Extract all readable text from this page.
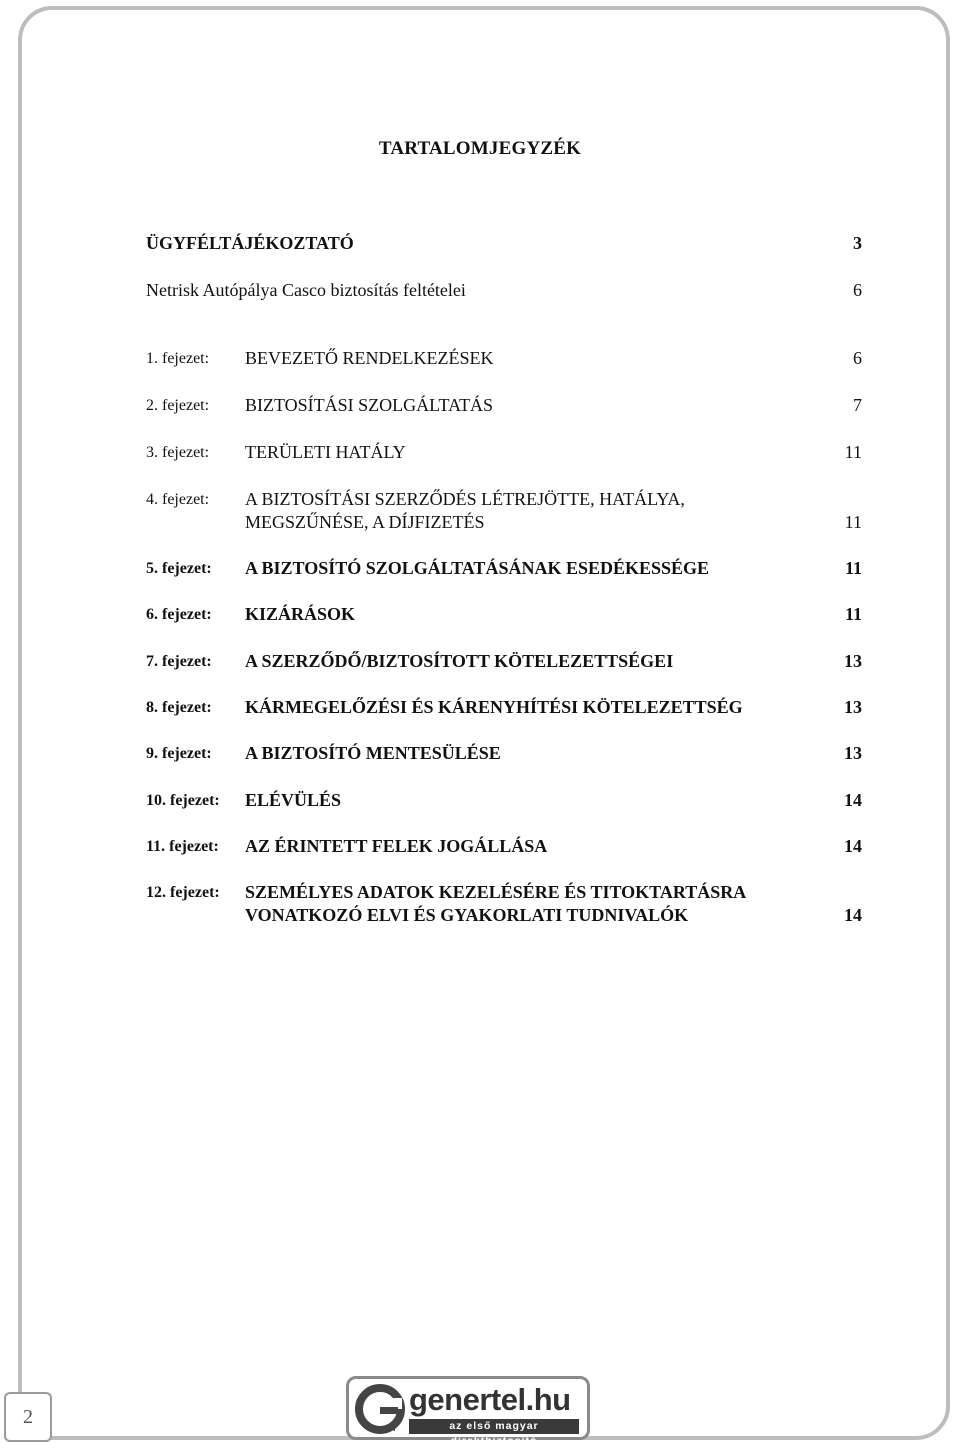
TARTALOMJEGYZÉK
ÜGYFÉLTÁJÉKOZTATÓ	3
Netrisk Autópálya Casco biztosítás feltételei	6
1. fejezet: BEVEZETŐ RENDELKEZÉSEK	6
2. fejezet: BIZTOSÍTÁSI SZOLGÁLTATÁS	7
3. fejezet: TERÜLETI HATÁLY	11
4. fejezet: A BIZTOSÍTÁSI SZERZŐDÉS LÉTREJÖTTE, HATÁLYA,
MEGSZŰNÉSE, A DÍJFIZETÉS	11
5. fejezet: A BIZTOSÍTÓ SZOLGÁLTATÁSÁNAK ESEDÉKESSÉGE	11
6. fejezet: KIZÁRÁSOK	11
7. fejezet: A SZERZŐDŐ/BIZTOSÍTOTT KÖTELEZETTSÉGEI	13
8. fejezet: KÁRMEGELŐZÉSI ÉS KÁRENYHÍTÉSI KÖTELEZETTSÉG	13
9. fejezet: A BIZTOSÍTÓ MENTESÜLÉSE	13
10. fejezet: ELÉVÜLÉS	14
11. fejezet: AZ ÉRINTETT FELEK JOGÁLLÁSA	14
12. fejezet: SZEMÉLYES ADATOK KEZELÉSÉRE ÉS TITOKTARTÁSRA
VONATKOZÓ ELVI ÉS GYAKORLATI TUDNIVALÓK	14
2
tel
genertel.hu
az első magyar direktbiztosító
